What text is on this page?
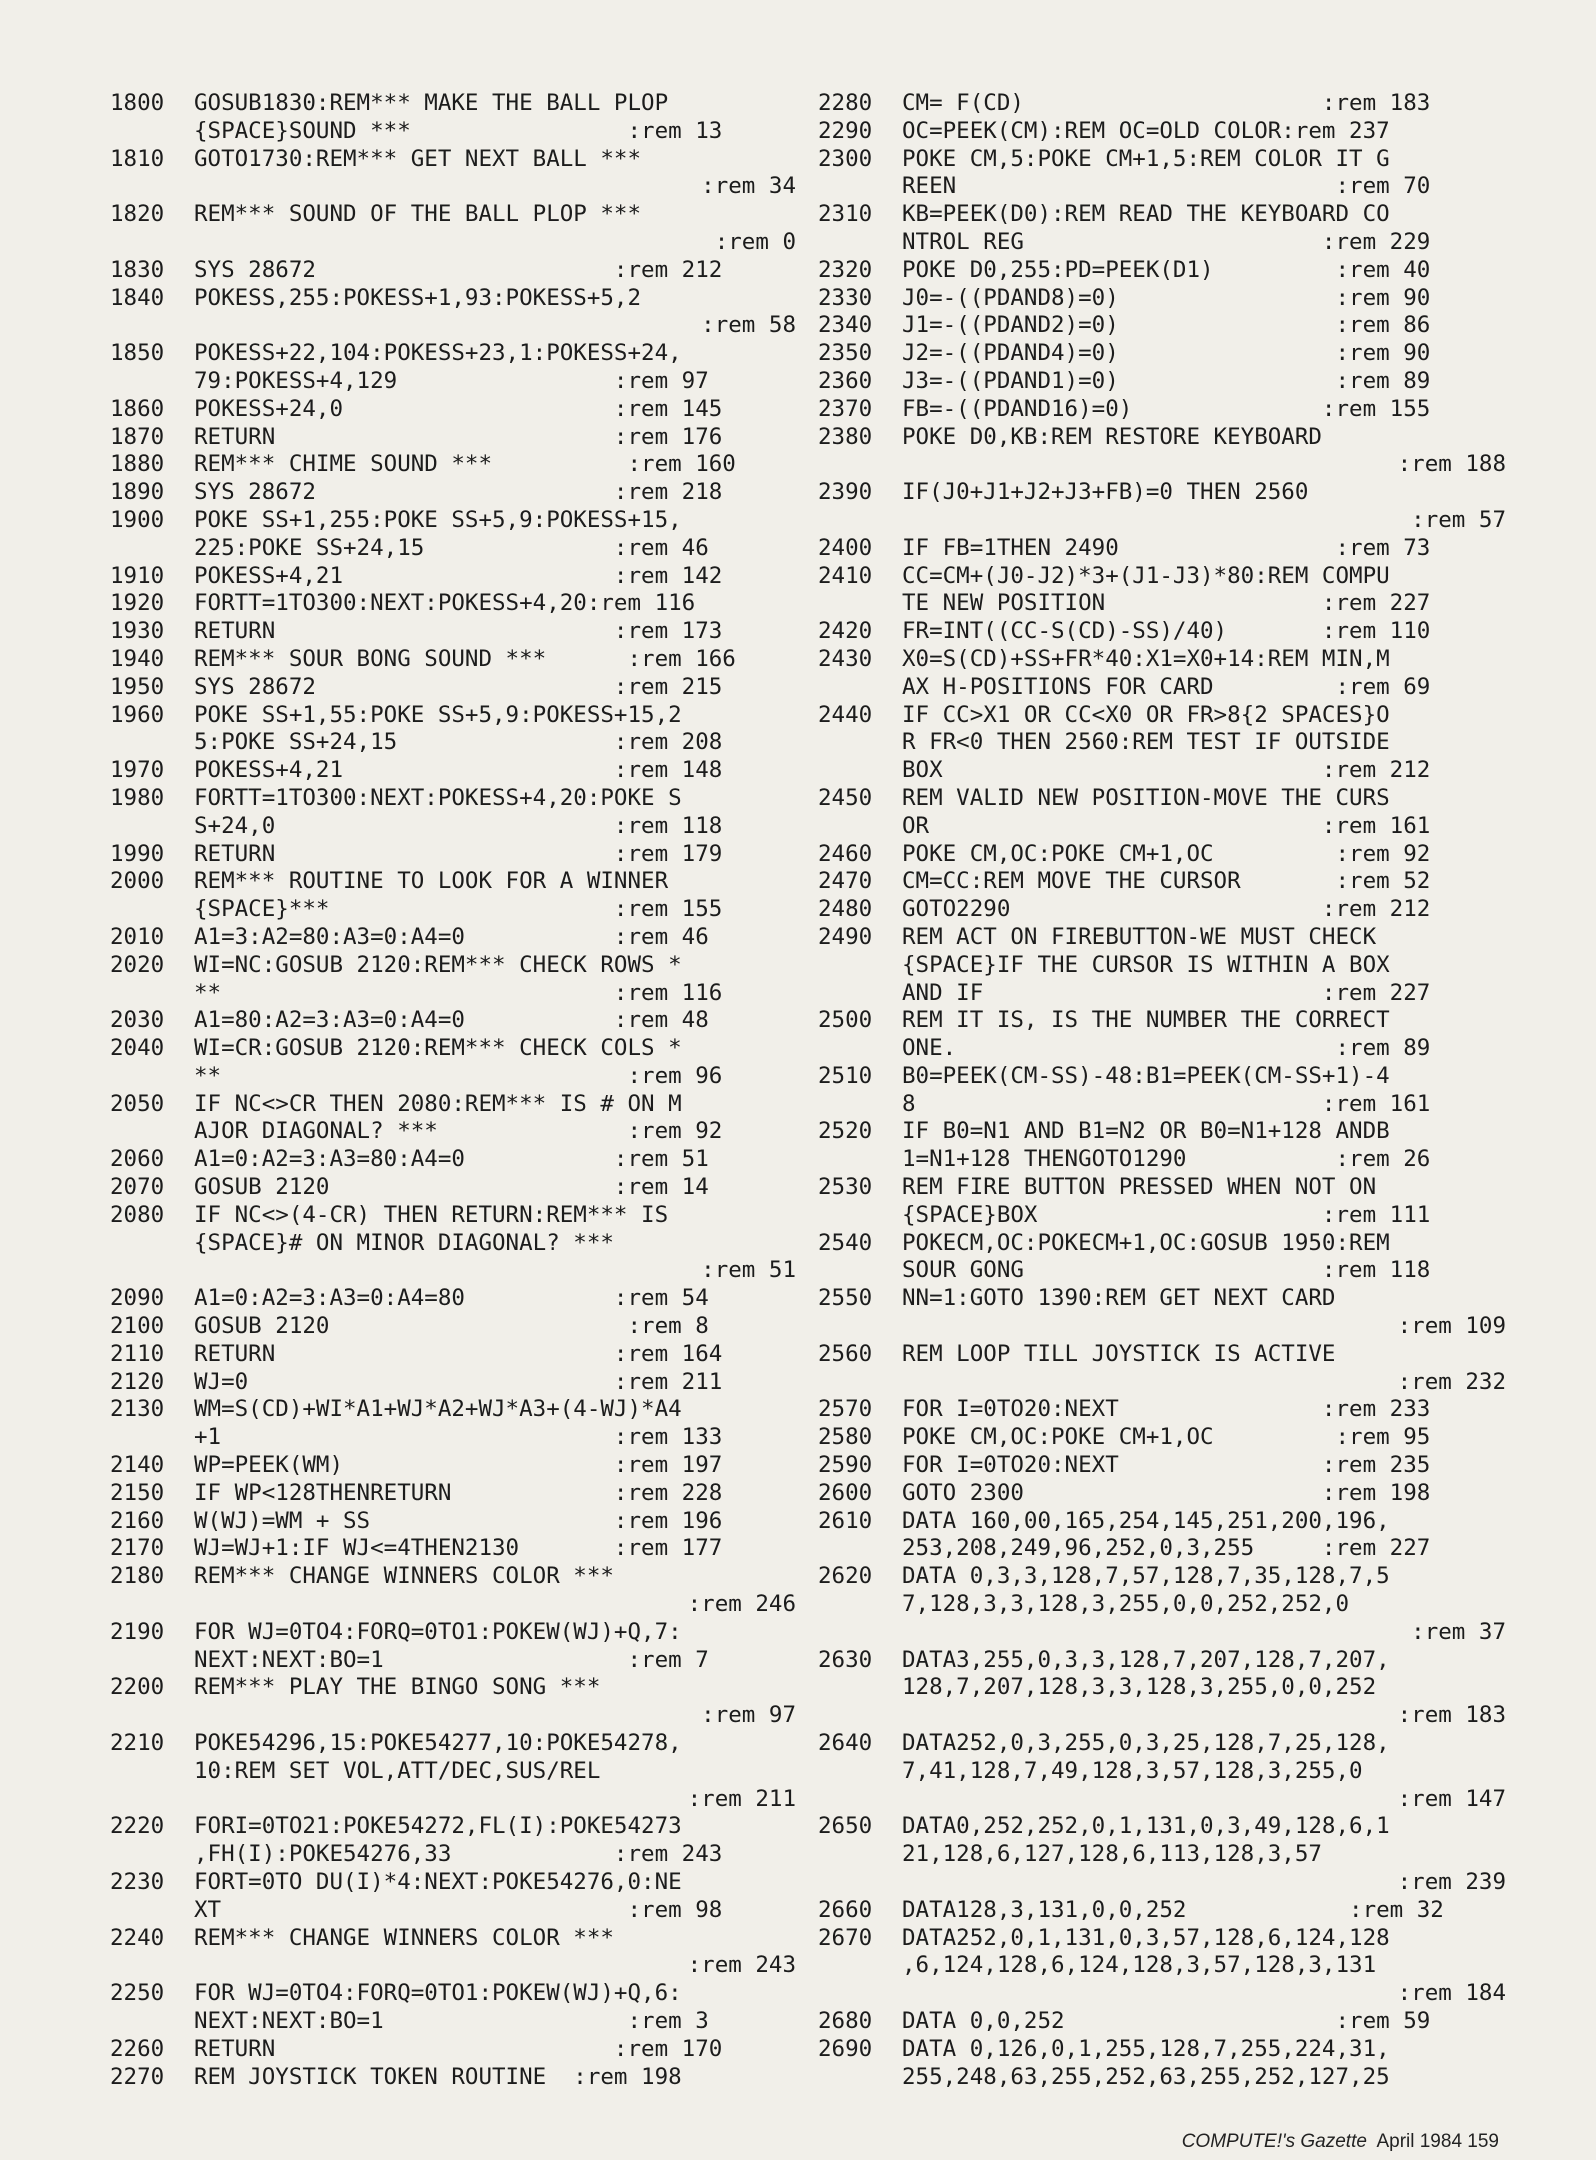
1800	GOSUB1830:REM*** MAKE THE BALL PLOP
{SPACE}SOUND ***                :rem 13
1810	GOTO1730:REM*** GET NEXT BALL ***
:rem 34
1820	REM*** SOUND OF THE BALL PLOP ***
:rem 0
1830	SYS 28672                      :rem 212
1840	POKESS,255:POKESS+1,93:POKESS+5,2
:rem 58
1850	POKESS+22,104:POKESS+23,1:POKESS+24,
79:POKESS+4,129                :rem 97
1860	POKESS+24,0                    :rem 145
1870	RETURN                         :rem 176
1880	REM*** CHIME SOUND ***          :rem 160
1890	SYS 28672                      :rem 218
1900	POKE SS+1,255:POKE SS+5,9:POKESS+15,
225:POKE SS+24,15              :rem 46
1910	POKESS+4,21                    :rem 142
1920	FORTT=1TO300:NEXT:POKESS+4,20:rem 116
1930	RETURN                         :rem 173
1940	REM*** SOUR BONG SOUND ***      :rem 166
1950	SYS 28672                      :rem 215
1960	POKE SS+1,55:POKE SS+5,9:POKESS+15,2
5:POKE SS+24,15                :rem 208
1970	POKESS+4,21                    :rem 148
1980	FORTT=1TO300:NEXT:POKESS+4,20:POKE S
S+24,0                         :rem 118
1990	RETURN                         :rem 179
2000	REM*** ROUTINE TO LOOK FOR A WINNER
{SPACE}***                     :rem 155
2010	A1=3:A2=80:A3=0:A4=0           :rem 46
2020	WI=NC:GOSUB 2120:REM*** CHECK ROWS *
**                             :rem 116
2030	A1=80:A2=3:A3=0:A4=0           :rem 48
2040	WI=CR:GOSUB 2120:REM*** CHECK COLS *
**                              :rem 96
2050	IF NC<>CR THEN 2080:REM*** IS # ON M
AJOR DIAGONAL? ***              :rem 92
2060	A1=0:A2=3:A3=80:A4=0           :rem 51
2070	GOSUB 2120                     :rem 14
2080	IF NC<>(4-CR) THEN RETURN:REM*** IS
{SPACE}# ON MINOR DIAGONAL? ***
:rem 51
2090	A1=0:A2=3:A3=0:A4=80           :rem 54
2100	GOSUB 2120                      :rem 8
2110	RETURN                         :rem 164
2120	WJ=0                           :rem 211
2130	WM=S(CD)+WI*A1+WJ*A2+WJ*A3+(4-WJ)*A4
+1                             :rem 133
2140	WP=PEEK(WM)                    :rem 197
2150	IF WP<128THENRETURN            :rem 228
2160	W(WJ)=WM + SS                  :rem 196
2170	WJ=WJ+1:IF WJ<=4THEN2130       :rem 177
2180	REM*** CHANGE WINNERS COLOR ***
:rem 246
2190	FOR WJ=0TO4:FORQ=0TO1:POKEW(WJ)+Q,7:
NEXT:NEXT:BO=1                  :rem 7
2200	REM*** PLAY THE BINGO SONG ***
:rem 97
2210	POKE54296,15:POKE54277,10:POKE54278,
10:REM SET VOL,ATT/DEC,SUS/REL
:rem 211
2220	FORI=0TO21:POKE54272,FL(I):POKE54273
,FH(I):POKE54276,33            :rem 243
2230	FORT=0TO DU(I)*4:NEXT:POKE54276,0:NE
XT                              :rem 98
2240	REM*** CHANGE WINNERS COLOR ***
:rem 243
2250	FOR WJ=0TO4:FORQ=0TO1:POKEW(WJ)+Q,6:
NEXT:NEXT:BO=1                  :rem 3
2260	RETURN                         :rem 170
2270	REM JOYSTICK TOKEN ROUTINE  :rem 198
2280	CM= F(CD)                      :rem 183
2290	OC=PEEK(CM):REM OC=OLD COLOR:rem 237
2300	POKE CM,5:POKE CM+1,5:REM COLOR IT G
REEN                            :rem 70
2310	KB=PEEK(D0):REM READ THE KEYBOARD CO
NTROL REG                      :rem 229
2320	POKE D0,255:PD=PEEK(D1)         :rem 40
2330	J0=-((PDAND8)=0)                :rem 90
2340	J1=-((PDAND2)=0)                :rem 86
2350	J2=-((PDAND4)=0)                :rem 90
2360	J3=-((PDAND1)=0)                :rem 89
2370	FB=-((PDAND16)=0)              :rem 155
2380	POKE D0,KB:REM RESTORE KEYBOARD
:rem 188
2390	IF(J0+J1+J2+J3+FB)=0 THEN 2560
:rem 57
2400	IF FB=1THEN 2490                :rem 73
2410	CC=CM+(J0-J2)*3+(J1-J3)*80:REM COMPU
TE NEW POSITION                :rem 227
2420	FR=INT((CC-S(CD)-SS)/40)       :rem 110
2430	X0=S(CD)+SS+FR*40:X1=X0+14:REM MIN,M
AX H-POSITIONS FOR CARD         :rem 69
2440	IF CC>X1 OR CC<X0 OR FR>8{2 SPACES}O
R FR<0 THEN 2560:REM TEST IF OUTSIDE
BOX                            :rem 212
2450	REM VALID NEW POSITION-MOVE THE CURS
OR                             :rem 161
2460	POKE CM,OC:POKE CM+1,OC         :rem 92
2470	CM=CC:REM MOVE THE CURSOR       :rem 52
2480	GOTO2290                       :rem 212
2490	REM ACT ON FIREBUTTON-WE MUST CHECK
{SPACE}IF THE CURSOR IS WITHIN A BOX
AND IF                         :rem 227
2500	REM IT IS, IS THE NUMBER THE CORRECT
ONE.                            :rem 89
2510	B0=PEEK(CM-SS)-48:B1=PEEK(CM-SS+1)-4
8                              :rem 161
2520	IF B0=N1 AND B1=N2 OR B0=N1+128 ANDB
1=N1+128 THENGOTO1290           :rem 26
2530	REM FIRE BUTTON PRESSED WHEN NOT ON
{SPACE}BOX                     :rem 111
2540	POKECM,OC:POKECM+1,OC:GOSUB 1950:REM
SOUR GONG                      :rem 118
2550	NN=1:GOTO 1390:REM GET NEXT CARD
:rem 109
2560	REM LOOP TILL JOYSTICK IS ACTIVE
:rem 232
2570	FOR I=0TO20:NEXT               :rem 233
2580	POKE CM,OC:POKE CM+1,OC         :rem 95
2590	FOR I=0TO20:NEXT               :rem 235
2600	GOTO 2300                      :rem 198
2610	DATA 160,00,165,254,145,251,200,196,
253,208,249,96,252,0,3,255     :rem 227
2620	DATA 0,3,3,128,7,57,128,7,35,128,7,5
7,128,3,3,128,3,255,0,0,252,252,0
:rem 37
2630	DATA3,255,0,3,3,128,7,207,128,7,207,
128,7,207,128,3,3,128,3,255,0,0,252
:rem 183
2640	DATA252,0,3,255,0,3,25,128,7,25,128,
7,41,128,7,49,128,3,57,128,3,255,0
:rem 147
2650	DATA0,252,252,0,1,131,0,3,49,128,6,1
21,128,6,127,128,6,113,128,3,57
:rem 239
2660	DATA128,3,131,0,0,252            :rem 32
2670	DATA252,0,1,131,0,3,57,128,6,124,128
,6,124,128,6,124,128,3,57,128,3,131
:rem 184
2680	DATA 0,0,252                    :rem 59
2690	DATA 0,126,0,1,255,128,7,255,224,31,
255,248,63,255,252,63,255,252,127,25
COMPUTE!'s Gazette April 1984 159
